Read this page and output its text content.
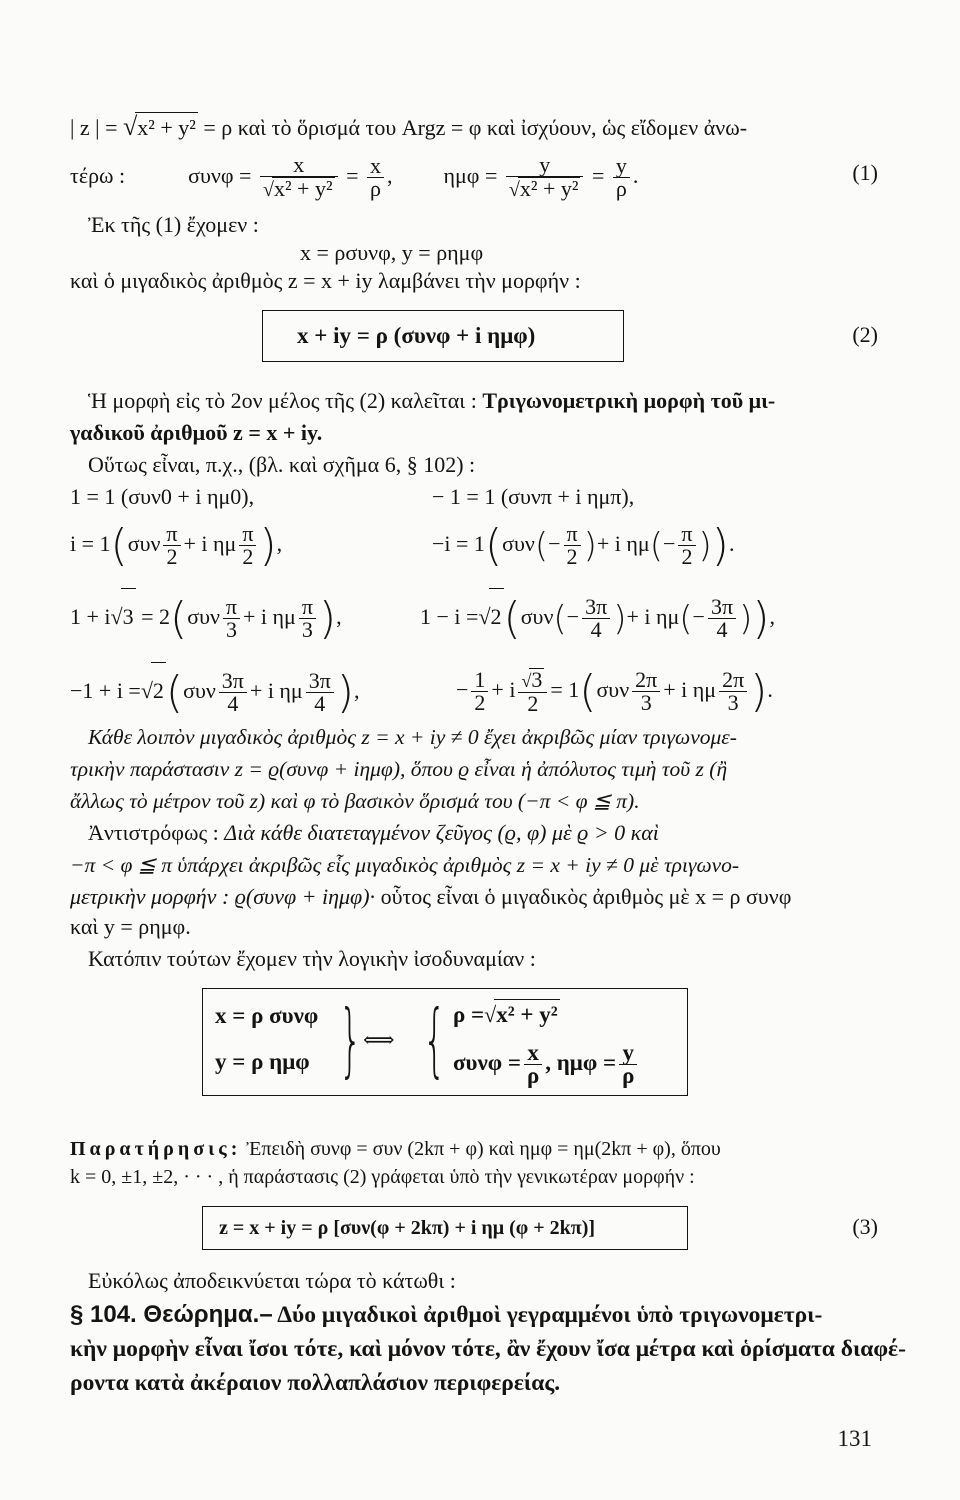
| z | = √x² + y² = ρ καὶ τὸ ὅρισμά του Argz = φ καὶ ἰσχύουν, ὡς εἴδομεν ἀνω-
τέρω :	$\sigma\upsilon\nu\varphi = \frac{x}{\text{√x² + y²}} = \frac{x}{\rho}$ ,  $\eta\mu\varphi = \frac{y}{\text{√x² + y²}} = \frac{y}{\rho}$ .	(1)
Ἐκ τῆς (1) ἔχομεν :
x = ρσυνφ, y = ρημφ
καὶ ὁ μιγαδικὸς ἀριθμὸς z = x + iy λαμβάνει τὴν μορφήν :
x + iy = ρ (συνφ + i ημφ)	(2)
Ἡ μορφὴ εἰς τὸ 2ον μέλος τῆς (2) καλεῖται : Τριγωνομετρικὴ μορφὴ τοῦ μι-
γαδικοῦ ἀριθμοῦ z = x + iy.
Οὕτως εἶναι, π.χ., (βλ. καὶ σχῆμα 6, § 102) :
1 = 1 (συν0 + i ημ0),	− 1 = 1 (συνπ + i ημπ),
$i = 1(\sigma\upsilon\nu \frac{\pi}{2} + i$ ημ $\frac{\pi}{2}$ ),	$-i = 1(\sigma\upsilon\nu(- \frac{\pi}{2}$ )+ i $\eta\mu(- \frac{\pi}{2}$ )).
$1 + i√3 = 2(\sigma\upsilon\nu \frac{\pi}{3} + i$ ημ $\frac{\pi}{3}$ ),	$1 - i =√2(\sigma\upsilon\nu(- \frac{3\pi}{4}$ )+ i $\eta\mu(- \frac{3\pi}{4}$ )),
$-1 + i =√2(\sigma\upsilon\nu \frac{3\pi}{4} + i$ ημ $\frac{3\pi}{4}$ ),	− $\frac{1}{2} + i \frac{√3}{2} = 1(\sigma\upsilon\nu \frac{2\pi}{3} + i$ ημ $\frac{2\pi}{3}$ ).
Κάθε λοιπὸν μιγαδικὸς ἀριθμὸς z = x + iy ≠ 0 ἔχει ἀκριβῶς μίαν τριγωνομε-
τρικὴν παράστασιν z = ϱ(συνφ + iημφ), ὅπου ϱ εἶναι ἡ ἀπόλυτος τιμὴ τοῦ z (ἢ
ἄλλως τὸ μέτρον τοῦ z) καὶ φ τὸ βασικὸν ὅρισμά του (−π < φ ≦ π).
Ἀντιστρόφως : Διὰ κάθε διατεταγμένον ζεῦγος (ϱ, φ) μὲ ϱ > 0 καὶ
−π < φ ≦ π ὑπάρχει ἀκριβῶς εἷς μιγαδικὸς ἀριθμὸς z = x + iy ≠ 0 μὲ τριγωνο-
μετρικὴν μορφήν : ϱ(συνφ + iημφ)· οὗτος εἶναι ὁ μιγαδικὸς ἀριθμὸς μὲ x = ρ συνφ
καὶ y = ρημφ.
Κατόπιν τούτων ἔχομεν τὴν λογικὴν ἰσοδυναμίαν :
x = ρ συνφ
y = ρ ημφ } ⟺ { ρ =√x² + y²
$\sigma\upsilon\nu\varphi = \frac{x}{\rho}$ , $\eta\mu\varphi = \frac{y}{\rho}$
Παρατήρησις: Ἐπειδὴ συνφ = συν (2kπ + φ) καὶ ημφ = ημ(2kπ + φ), ὅπου
k = 0, ±1, ±2, · · · , ἡ παράστασις (2) γράφεται ὑπὸ τὴν γενικωτέραν μορφήν :
z = x + iy = ρ [συν(φ + 2kπ) + i ημ (φ + 2kπ)]	(3)
Εὐκόλως ἀποδεικνύεται τώρα τὸ κάτωθι :
§ 104. Θεώρημα.– Δύο μιγαδικοὶ ἀριθμοὶ γεγραμμένοι ὑπὸ τριγωνομετρι-
κὴν μορφὴν εἶναι ἴσοι τότε, καὶ μόνον τότε, ἂν ἔχουν ἴσα μέτρα καὶ ὁρίσματα διαφέ-
ροντα κατὰ ἀκέραιον πολλαπλάσιον περιφερείας.
131
